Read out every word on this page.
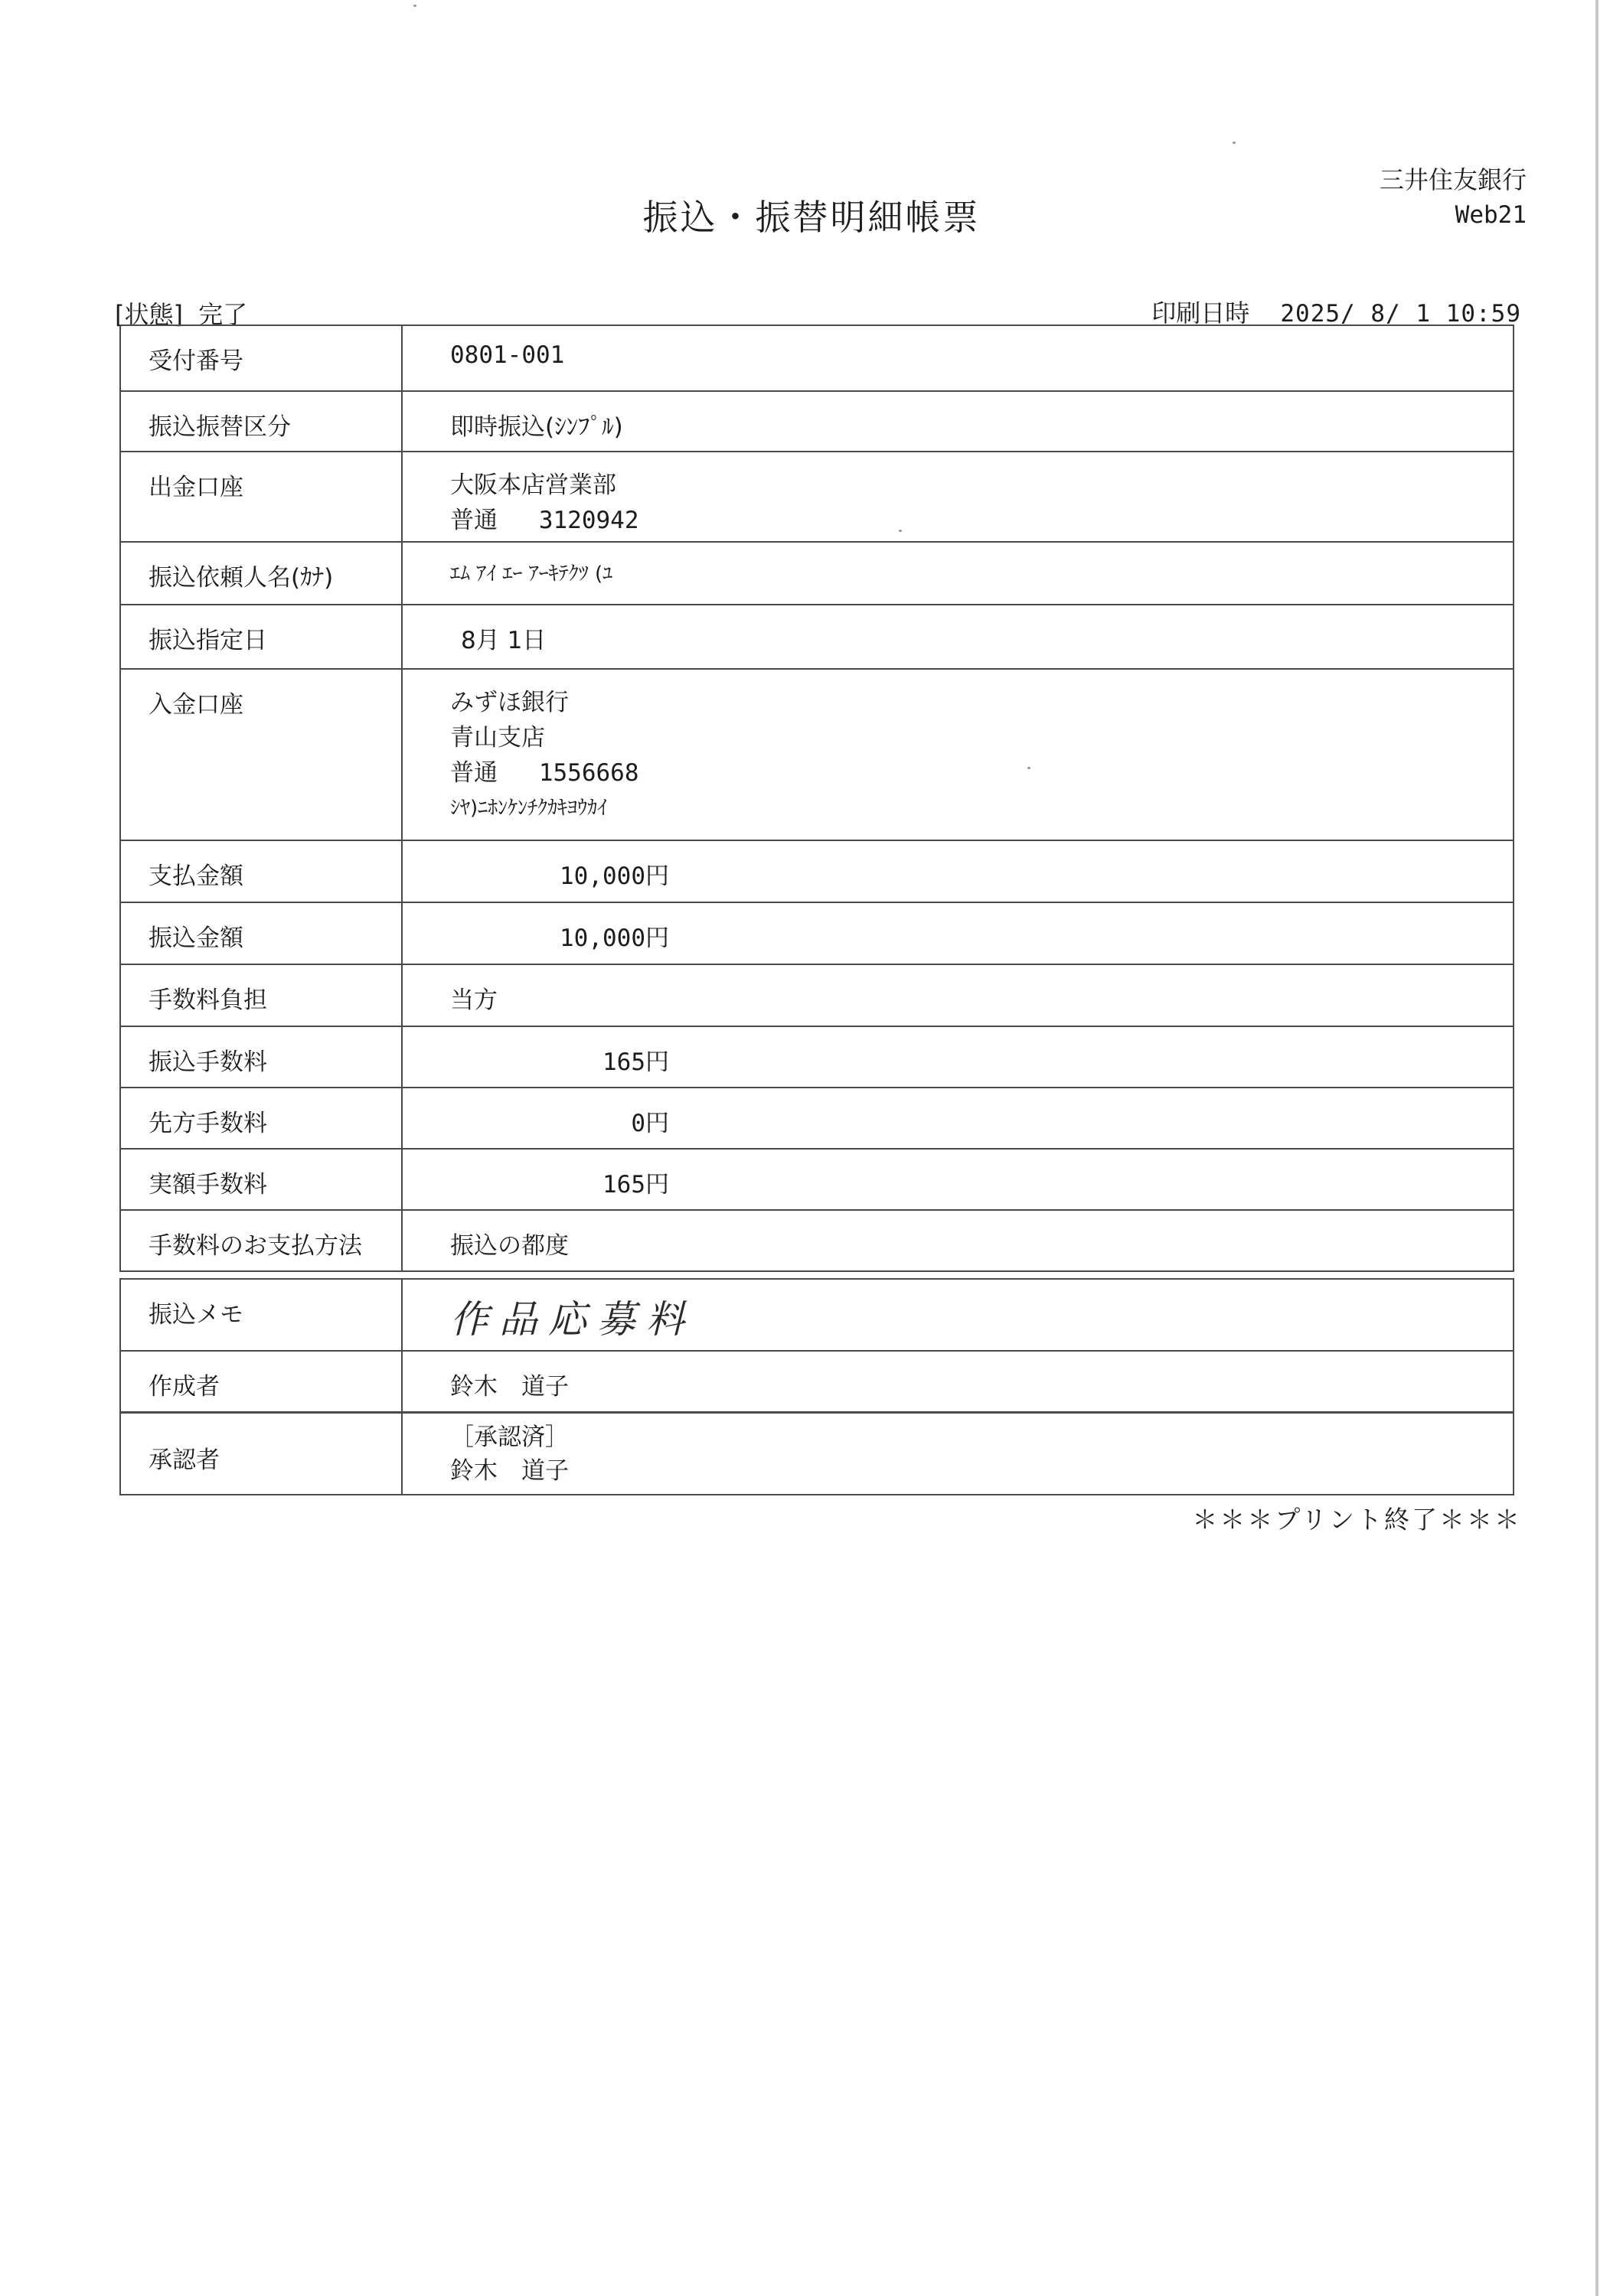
振込・振替明細帳票
三井住友銀行
Web21
[状態] 完了	印刷日時 2025/ 8/ 1 10:59
受付番号	0801-001
振込振替区分	即時振込(ｼﾝﾌﾟﾙ)
出金口座	大阪本店営業部
普通 3120942

振込依頼人名(ｶﾅ)	ｴﾑ ｱｲ ｴｰ ｱｰｷﾃｸﾂ (ﾕ
振込指定日	8月 1日
入金口座	みずほ銀行
青山支店
普通 1556668
ｼﾔ)ﾆﾎﾝｹﾝﾁｸｶｷﾖｳｶｲ

支払金額	10,000円
振込金額	10,000円
手数料負担	当方
振込手数料	165円
先方手数料	0円
実額手数料	165円
手数料のお支払方法	振込の都度
振込メモ	作品応募料
作成者	鈴木　道子
承認者	
［承認済］
鈴木　道子
＊＊＊プリント終了＊＊＊
